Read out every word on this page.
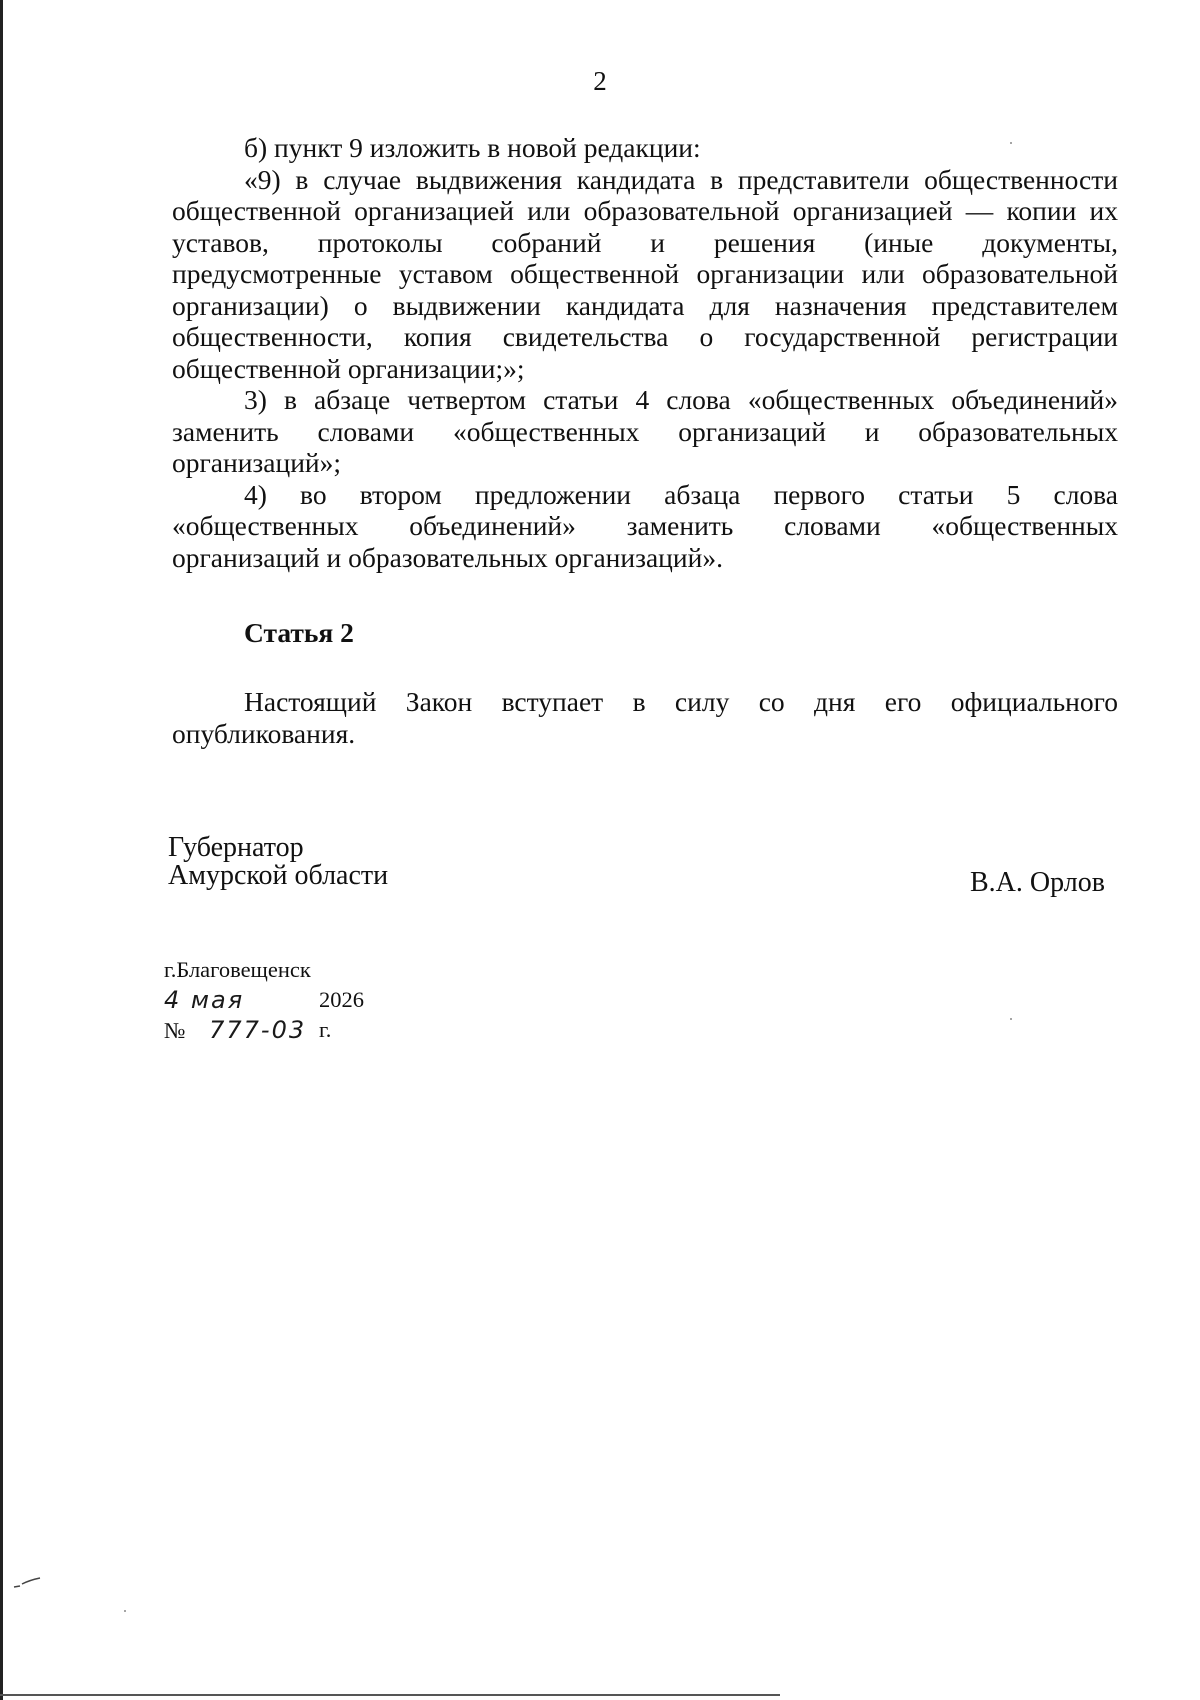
2
б) пункт 9 изложить в новой редакции:
«9) в случае выдвижения кандидата в представители общественности
общественной организацией или образовательной организацией — копии их
уставов, протоколы собраний и решения (иные документы,
предусмотренные уставом общественной организации или образовательной
организации) о выдвижении кандидата для назначения представителем
общественности, копия свидетельства о государственной регистрации
общественной организации;»;
3) в абзаце четвертом статьи 4 слова «общественных объединений»
заменить словами «общественных организаций и образовательных
организаций»;
4) во втором предложении абзаца первого статьи 5 слова
«общественных объединений» заменить словами «общественных
организаций и образовательных организаций».
Статья 2
Настоящий Закон вступает в силу со дня его официального
опубликования.
Губернатор
Амурской области	В.А. Орлов
г.Благовещенск
4 мая	2026 г.
№ 777-03
